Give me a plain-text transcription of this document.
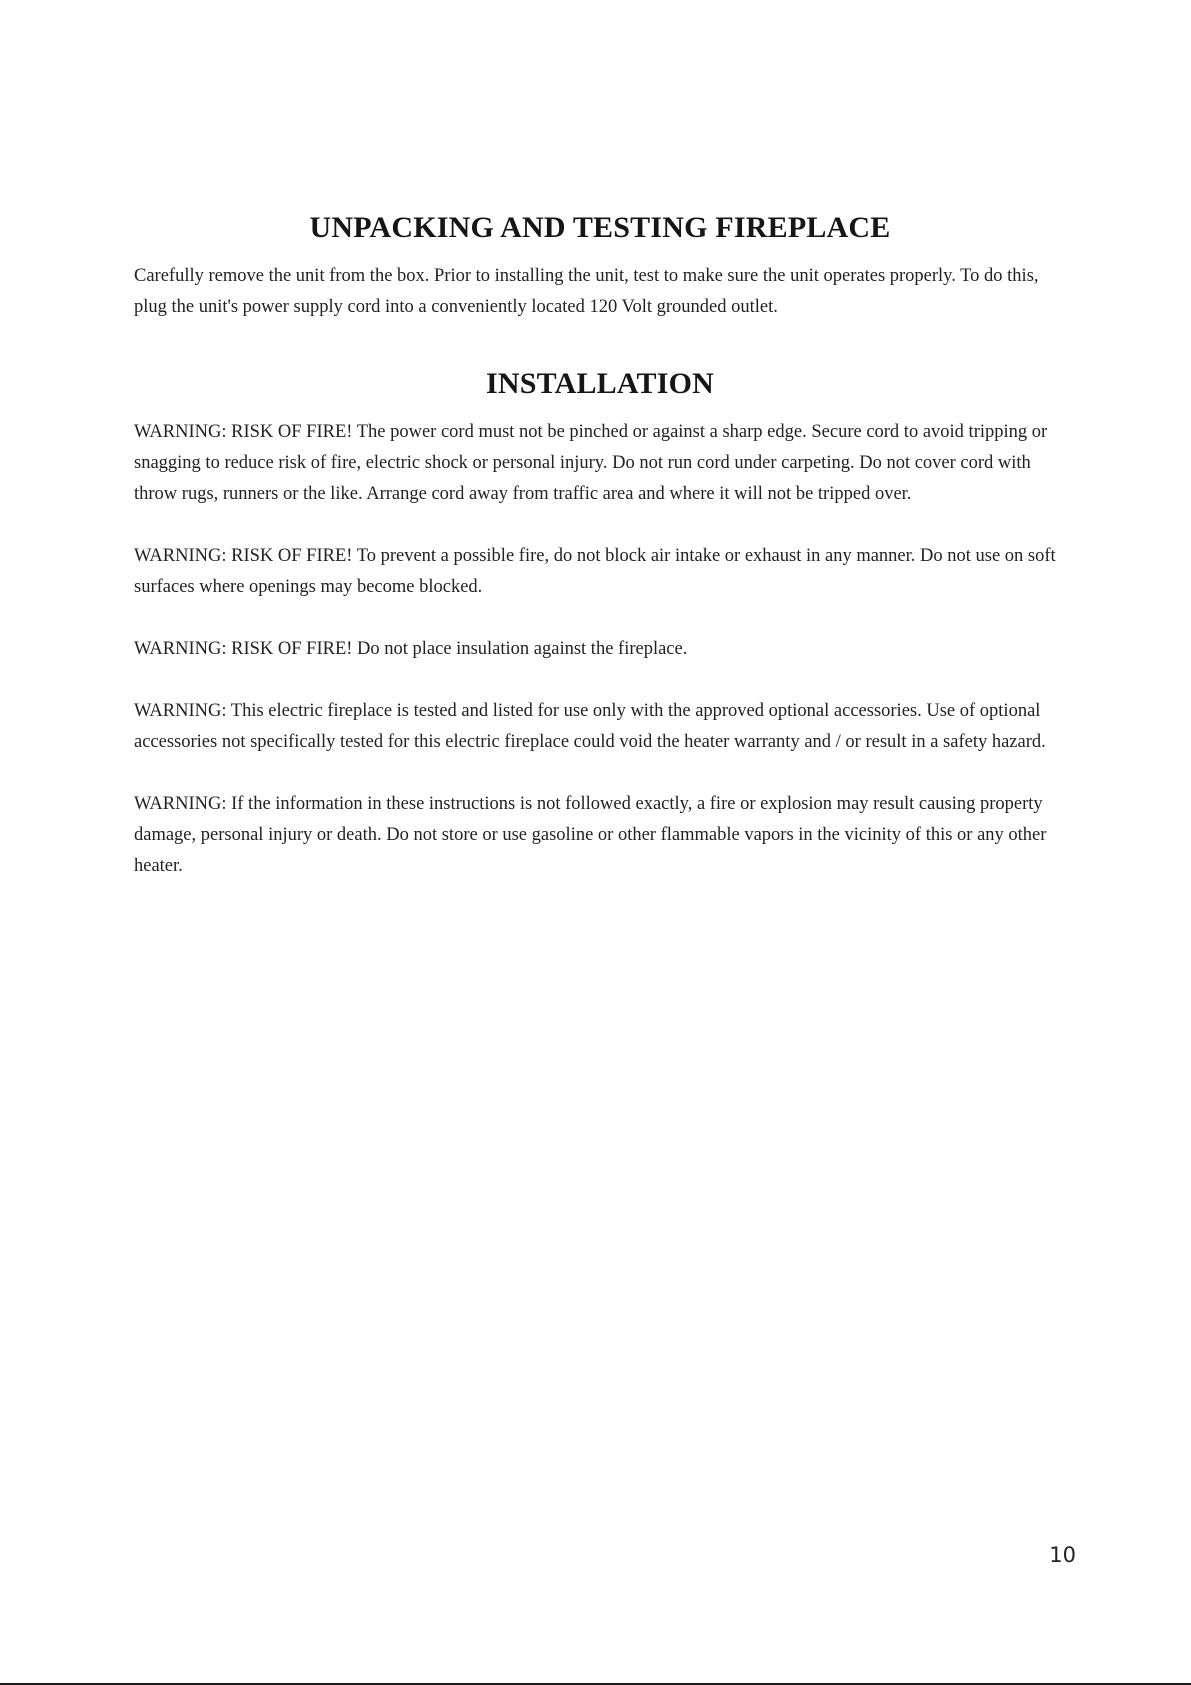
UNPACKING AND TESTING FIREPLACE

Carefully remove the unit from the box. Prior to installing the unit, test to make sure the unit operates properly. To do this, plug the unit's power supply cord into a conveniently located 120 Volt grounded outlet.

INSTALLATION

WARNING: RISK OF FIRE! The power cord must not be pinched or against a sharp edge. Secure cord to avoid tripping or snagging to reduce risk of fire, electric shock or personal injury. Do not run cord under carpeting. Do not cover cord with throw rugs, runners or the like. Arrange cord away from traffic area and where it will not be tripped over.

WARNING: RISK OF FIRE! To prevent a possible fire, do not block air intake or exhaust in any manner. Do not use on soft surfaces where openings may become blocked.

WARNING: RISK OF FIRE! Do not place insulation against the fireplace.

WARNING: This electric fireplace is tested and listed for use only with the approved optional accessories. Use of optional accessories not specifically tested for this electric fireplace could void the heater warranty and / or result in a safety hazard.

WARNING: If the information in these instructions is not followed exactly, a fire or explosion may result causing property damage, personal injury or death. Do not store or use gasoline or other flammable vapors in the vicinity of this or any other heater.

10
